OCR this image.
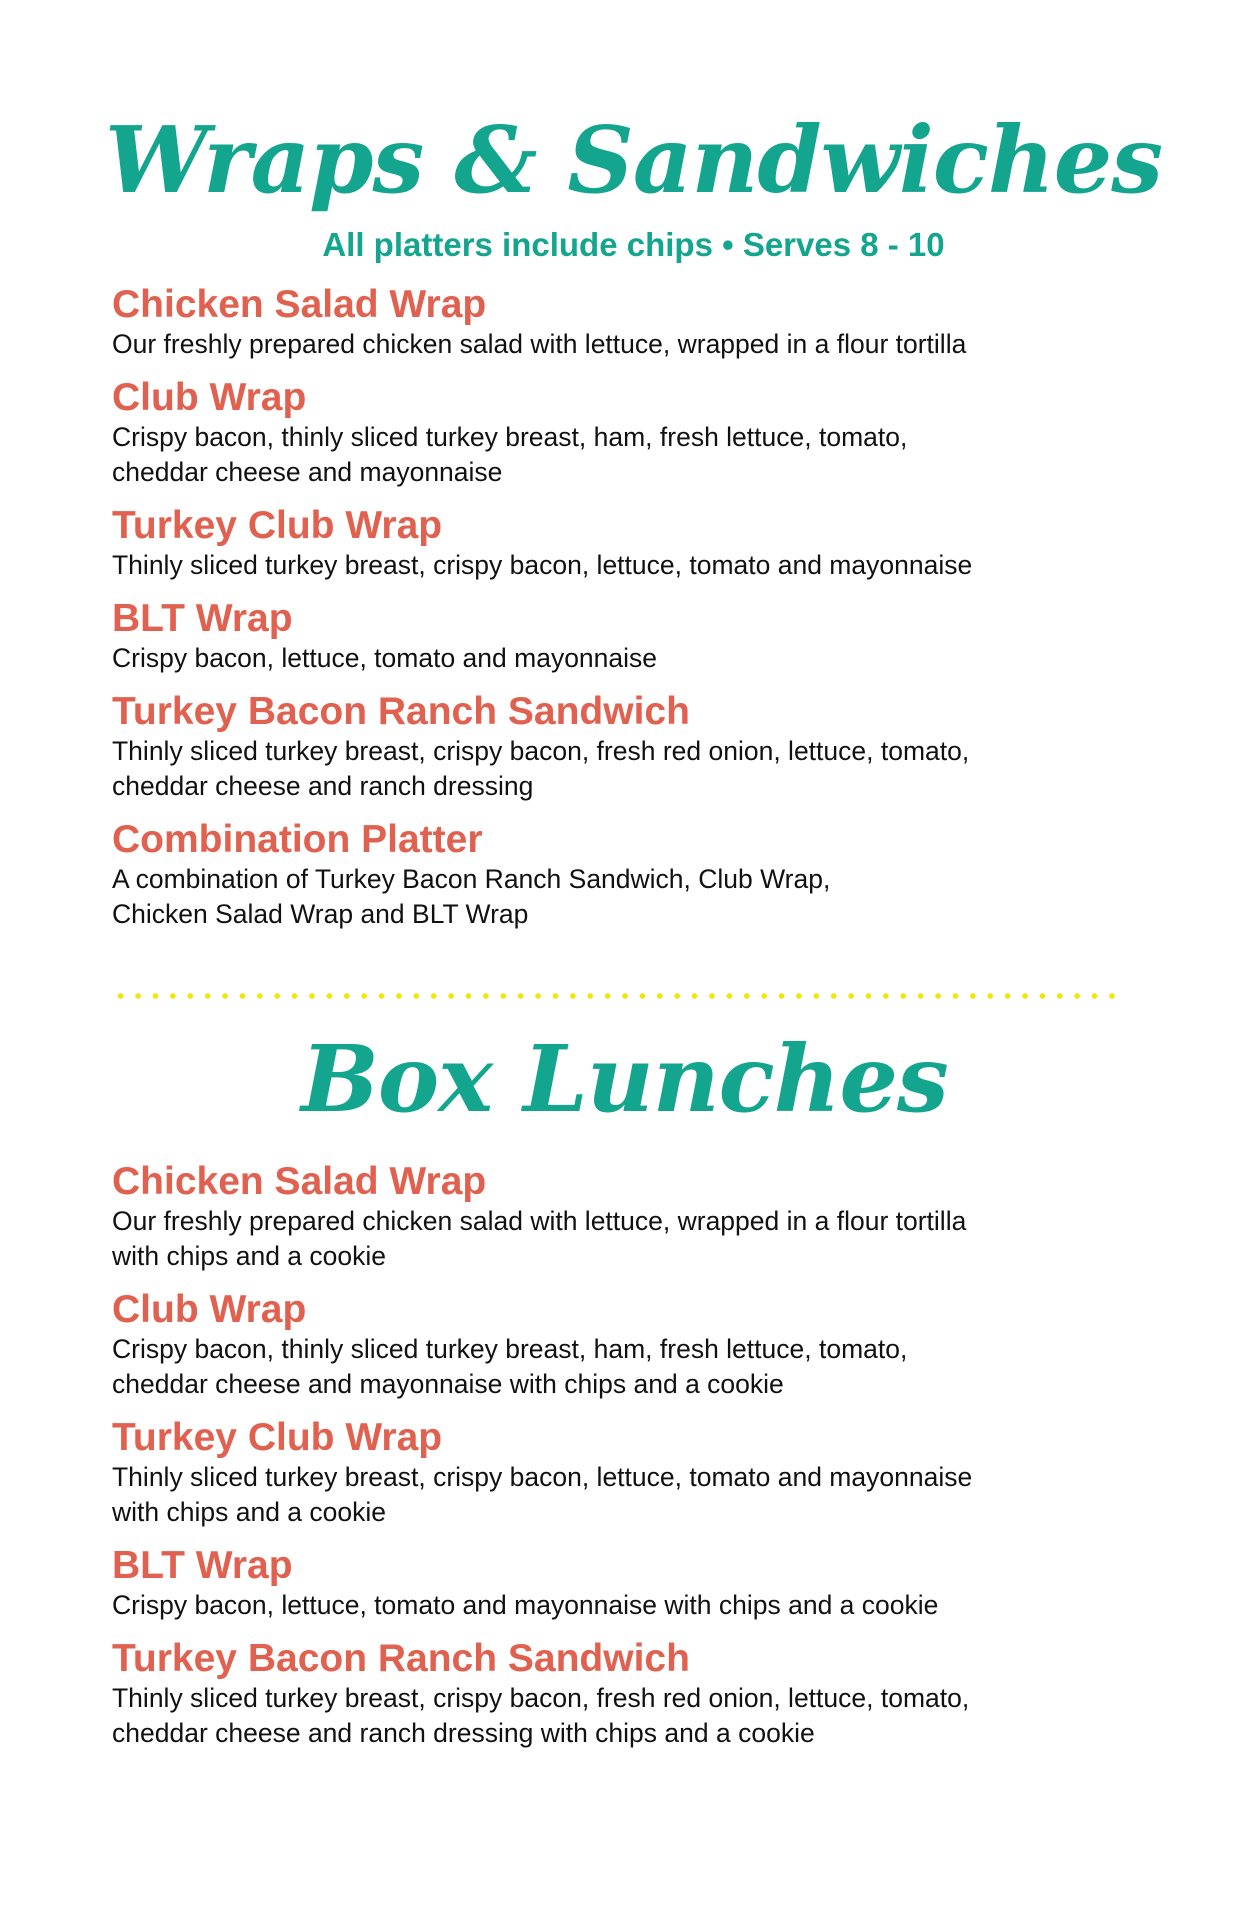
Wraps & Sandwiches

All platters include chips • Serves 8 - 10

Chicken Salad Wrap

Our freshly prepared chicken salad with lettuce, wrapped in a flour tortilla

Club Wrap

Crispy bacon, thinly sliced turkey breast, ham, fresh lettuce, tomato,
cheddar cheese and mayonnaise

Turkey Club Wrap

Thinly sliced turkey breast, crispy bacon, lettuce, tomato and mayonnaise

BLT Wrap

Crispy bacon, lettuce, tomato and mayonnaise

Turkey Bacon Ranch Sandwich

Thinly sliced turkey breast, crispy bacon, fresh red onion, lettuce, tomato,
cheddar cheese and ranch dressing

Combination Platter

A combination of Turkey Bacon Ranch Sandwich, Club Wrap,
Chicken Salad Wrap and BLT Wrap

Box Lunches
Chicken Salad Wrap

Our freshly prepared chicken salad with lettuce, wrapped in a flour tortilla
with chips and a cookie

Club Wrap

Crispy bacon, thinly sliced turkey breast, ham, fresh lettuce, tomato,
cheddar cheese and mayonnaise with chips and a cookie

Turkey Club Wrap

Thinly sliced turkey breast, crispy bacon, lettuce, tomato and mayonnaise
with chips and a cookie

BLT Wrap

Crispy bacon, lettuce, tomato and mayonnaise with chips and a cookie

Turkey Bacon Ranch Sandwich

Thinly sliced turkey breast, crispy bacon, fresh red onion, lettuce, tomato,
cheddar cheese and ranch dressing with chips and a cookie
